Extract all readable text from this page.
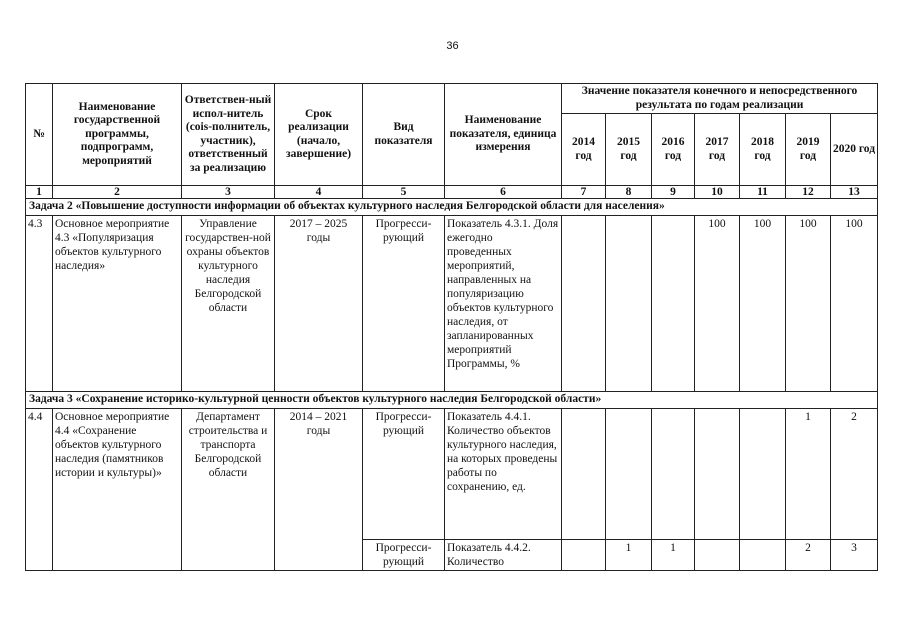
36
№	Наименование государственной программы, подпрограмм, мероприятий	Ответствен-ный испол-нитель (сois-полнитель, участник), ответственный за реализацию	Срок реализации (начало, завершение)	Вид показателя	Наименование показателя, единица измерения	Значение показателя конечного и непосредственного результата по годам реализации						
						2014 год	2015 год	2016 год	2017 год	2018 год	2019 год	2020 год
1	2	3	4	5	6	7	8	9	10	11	12	13
Задача 2 «Повышение доступности информации об объектах культурного наследия Белгородской области для населения»												
4.3	Основное мероприятие 4.3 «Популяризация объектов культурного наследия»	Управление государствен-ной охраны объектов культурного наследия Белгородской области	2017 – 2025 годы	Прогресси-рующий	Показатель 4.3.1. Доля ежегодно проведенных мероприятий, направленных на популяризацию объектов культурного наследия, от запланированных мероприятий Программы, %				100	100	100	100
Задача 3 «Сохранение историко-культурной ценности объектов культурного наследия Белгородской области»												
4.4	Основное мероприятие 4.4 «Сохранение объектов культурного наследия (памятников истории и культуры)»	Департамент строительства и транспорта Белгородской области	2014 – 2021 годы	Прогресси-рующий	Показатель 4.4.1. Количество объектов культурного наследия, на которых проведены работы по сохранению, ед.						1	2
				Прогресси-рующий	Показатель 4.4.2. Количество		1	1			2	3
